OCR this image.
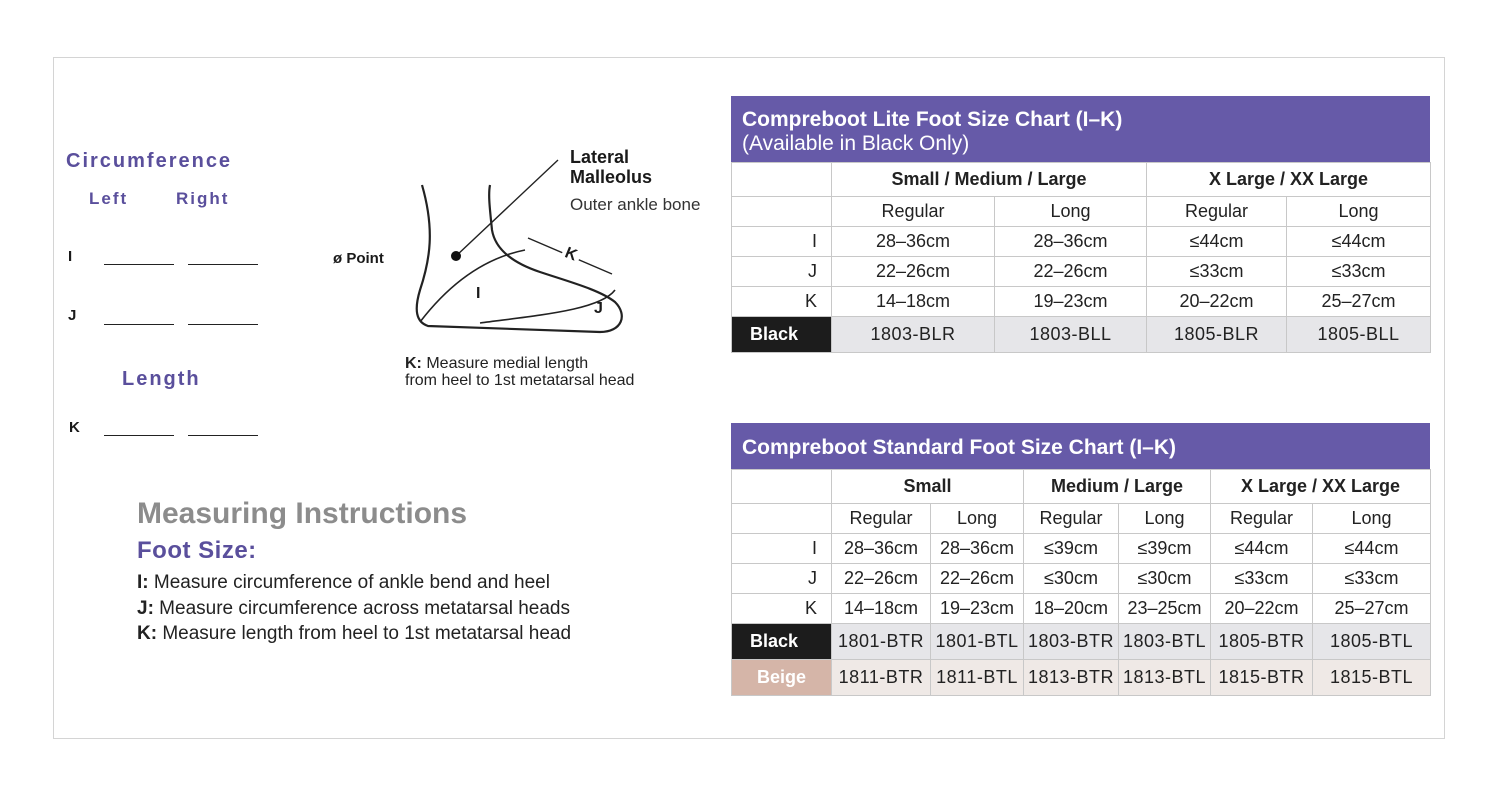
Circumference
Left	Right
I
J
Length
K
ø Point
Lateral
Malleolus
Outer ankle bone
I
J
K
K: Measure medial length
from heel to 1st metatarsal head
Measuring Instructions
Foot Size:
I: Measure circumference of ankle bend and heel
J: Measure circumference across metatarsal heads
K: Measure length from heel to 1st metatarsal head
Compreboot Lite Foot Size Chart (I–K)
(Available in Black Only)
	Small / Medium / Large		X Large / XX Large	
	Regular	Long	Regular	Long
I	28–36cm	28–36cm	≤44cm	≤44cm
J	22–26cm	22–26cm	≤33cm	≤33cm
K	14–18cm	19–23cm	20–22cm	25–27cm
Black	1803-BLR	1803-BLL	1805-BLR	1805-BLL
Compreboot Standard Foot Size Chart (I–K)
	Small		Medium / Large		X Large / XX Large	
	Regular	Long	Regular	Long	Regular	Long
I	28–36cm	28–36cm	≤39cm	≤39cm	≤44cm	≤44cm
J	22–26cm	22–26cm	≤30cm	≤30cm	≤33cm	≤33cm
K	14–18cm	19–23cm	18–20cm	23–25cm	20–22cm	25–27cm
Black	1801-BTR	1801-BTL	1803-BTR	1803-BTL	1805-BTR	1805-BTL
Beige	1811-BTR	1811-BTL	1813-BTR	1813-BTL	1815-BTR	1815-BTL
